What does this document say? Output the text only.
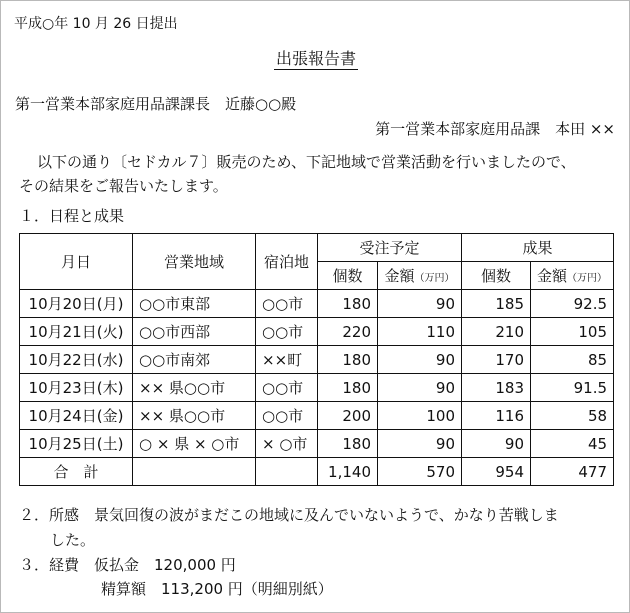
平成○年 10 月 26 日提出
出張報告書
第一営業本部家庭用品課課長　近藤○○殿
第一営業本部家庭用品課　本田 ××
以下の通り〔セドカル７〕販売のため、下記地域で営業活動を行いましたので、
その結果をご報告いたします。
１．日程と成果
月日	営業地域	宿泊地	受注予定		成果	
			個数	金額（万円）	個数	金額（万円）
10月20日(月)	○○市東部	○○市	180	90	185	92.5
10月21日(火)	○○市西部	○○市	220	110	210	105
10月22日(水)	○○市南郊	××町	180	90	170	85
10月23日(木)	×× 県○○市	○○市	180	90	183	91.5
10月24日(金)	×× 県○○市	○○市	200	100	116	58
10月25日(土)	○ × 県 × ○市	× ○市	180	90	90	45
合　計			1,140	570	954	477
２．所感　景気回復の波がまだこの地域に及んでいないようで、かなり苦戦しま
した。
３．経費　仮払金　120,000 円
精算額　113,200 円（明細別紙）
